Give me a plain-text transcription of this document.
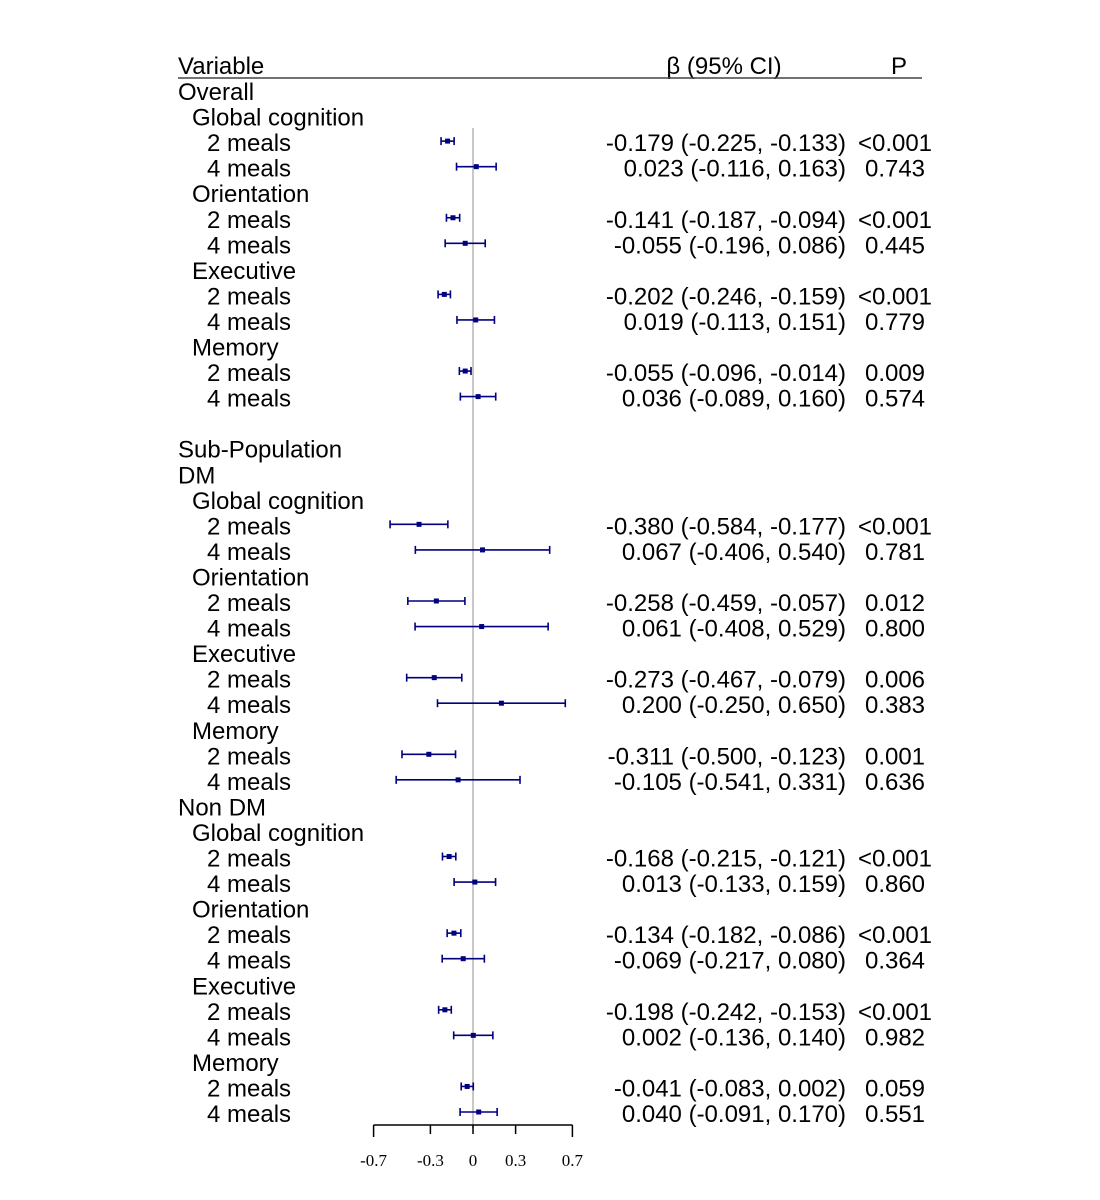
Variable	β (95% CI)	P
Overall
Global cognition
2 meals	-0.179 (-0.225, -0.133) <0.001
4 meals	0.023 (-0.116, 0.163) 0.743
Orientation
2 meals	-0.141 (-0.187, -0.094) <0.001
4 meals	-0.055 (-0.196, 0.086) 0.445
Executive
2 meals	-0.202 (-0.246, -0.159) <0.001
4 meals	0.019 (-0.113, 0.151) 0.779
Memory
2 meals	-0.055 (-0.096, -0.014) 0.009
4 meals	0.036 (-0.089, 0.160) 0.574
Sub-Population
DM
Global cognition
2 meals	-0.380 (-0.584, -0.177) <0.001
4 meals	0.067 (-0.406, 0.540) 0.781
Orientation
2 meals	-0.258 (-0.459, -0.057) 0.012
4 meals	0.061 (-0.408, 0.529) 0.800
Executive
2 meals	-0.273 (-0.467, -0.079) 0.006
4 meals	0.200 (-0.250, 0.650) 0.383
Memory
2 meals	-0.311 (-0.500, -0.123) 0.001
4 meals	-0.105 (-0.541, 0.331) 0.636
Non DM
Global cognition
2 meals	-0.168 (-0.215, -0.121) <0.001
4 meals	0.013 (-0.133, 0.159) 0.860
Orientation
2 meals	-0.134 (-0.182, -0.086) <0.001
4 meals	-0.069 (-0.217, 0.080) 0.364
Executive
2 meals	-0.198 (-0.242, -0.153) <0.001
4 meals	0.002 (-0.136, 0.140) 0.982
Memory
2 meals	-0.041 (-0.083, 0.002) 0.059
4 meals	0.040 (-0.091, 0.170) 0.551
-0.7 -0.3 0 0.3 0.7
